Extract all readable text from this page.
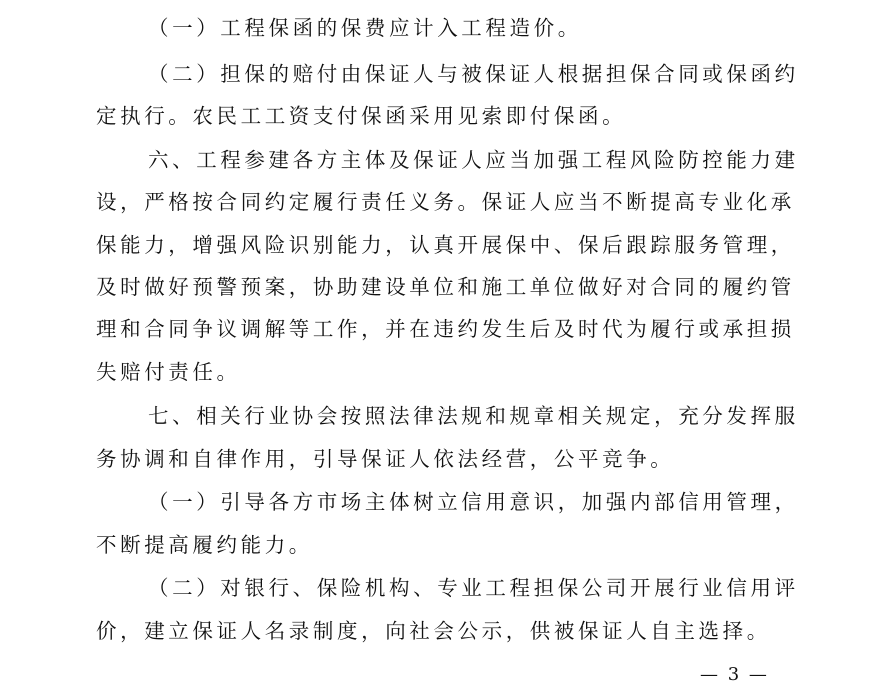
（一）工程保函的保费应计入工程造价。
（二）担保的赔付由保证人与被保证人根据担保合同或保函约
定执行。农民工工资支付保函采用见索即付保函。
六、工程参建各方主体及保证人应当加强工程风险防控能力建
设，严格按合同约定履行责任义务。保证人应当不断提高专业化承
保能力，增强风险识别能力，认真开展保中、保后跟踪服务管理，
及时做好预警预案，协助建设单位和施工单位做好对合同的履约管
理和合同争议调解等工作，并在违约发生后及时代为履行或承担损
失赔付责任。
七、相关行业协会按照法律法规和规章相关规定，充分发挥服
务协调和自律作用，引导保证人依法经营，公平竞争。
（一）引导各方市场主体树立信用意识，加强内部信用管理，
不断提高履约能力。
（二）对银行、保险机构、专业工程担保公司开展行业信用评
价，建立保证人名录制度，向社会公示，供被保证人自主选择。
— 3 —
